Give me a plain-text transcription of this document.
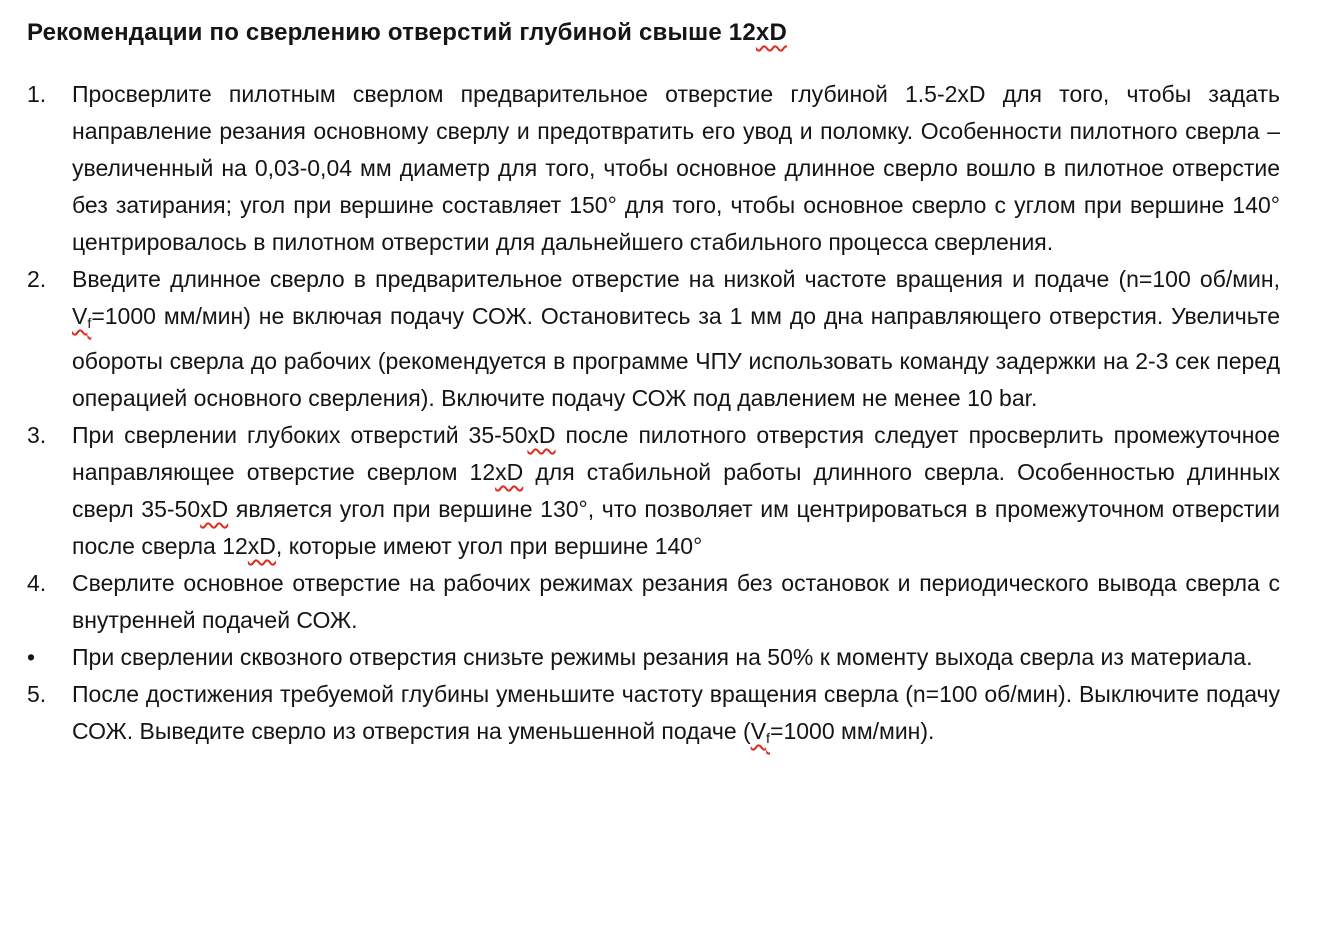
Рекомендации по сверлению отверстий глубиной свыше 12xD
1.	Просверлите пилотным сверлом предварительное отверстие глубиной 1.5-2xD для того, чтобы задать направление резания основному сверлу и предотвратить его увод и поломку. Особенности пилотного сверла – увеличенный на 0,03-0,04 мм диаметр для того, чтобы основное длинное сверло вошло в пилотное отверстие без затирания; угол при вершине составляет 150° для того, чтобы основное сверло с углом при вершине 140° центрировалось в пилотном отверстии для дальнейшего стабильного процесса сверления.
2.	Введите длинное сверло в предварительное отверстие на низкой частоте вращения и подаче (n=100 об/мин, $V_f=1000$ мм/мин) не включая подачу СОЖ. Остановитесь за 1 мм до дна направляющего отверстия. Увеличьте обороты сверла до рабочих (рекомендуется в программе ЧПУ использовать команду задержки на 2-3 сек перед операцией основного сверления). Включите подачу СОЖ под давлением не менее 10 bar.
3.	При сверлении глубоких отверстий 35-50xD после пилотного отверстия следует просверлить промежуточное направляющее отверстие сверлом 12xD для стабильной работы длинного сверла. Особенностью длинных сверл 35-50xD является угол при вершине 130°, что позволяет им центрироваться в промежуточном отверстии после сверла 12xD, которые имеют угол при вершине 140°
4.	Сверлите основное отверстие на рабочих режимах резания без остановок и периодического вывода сверла с внутренней подачей СОЖ.
•	При сверлении сквозного отверстия снизьте режимы резания на 50% к моменту выхода сверла из материала.
5.	После достижения требуемой глубины уменьшите частоту вращения сверла (n=100 об/мин). Выключите подачу СОЖ. Выведите сверло из отверстия на уменьшенной подаче ($V_f=1000$ мм/мин).
